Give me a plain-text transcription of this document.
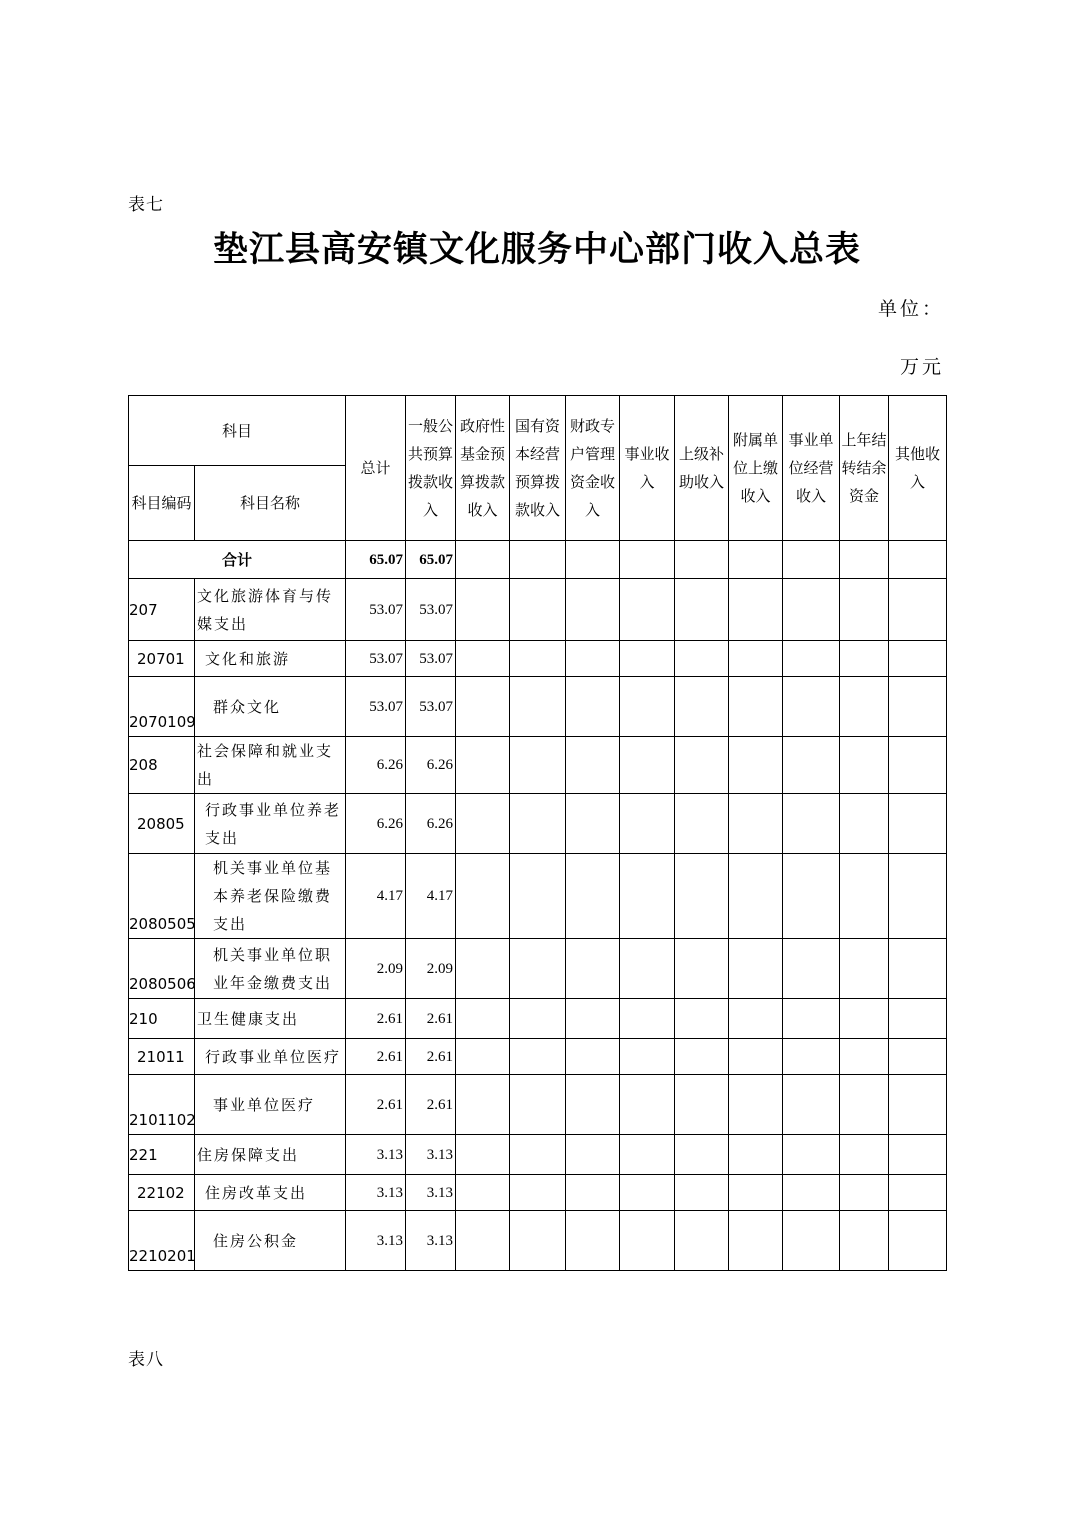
表七
垫江县高安镇文化服务中心部门收入总表
单位：
万元
科目		总计	一般公共预算拨款收入	政府性基金预算拨款收入	国有资本经营预算拨款收入	财政专户管理资金收入	事业收入	上级补助收入	附属单位上缴收入	事业单位经营收入	上年结转结余资金	其他收入
科目编码	科目名称											
合计		65.07	65.07									
207	文化旅游体育与传媒支出	53.07	53.07									
20701	文化和旅游	53.07	53.07									
2070109	群众文化	53.07	53.07									
208	社会保障和就业支出	6.26	6.26									
20805	行政事业单位养老支出	6.26	6.26									
2080505	机关事业单位基本养老保险缴费支出	4.17	4.17									
2080506	机关事业单位职业年金缴费支出	2.09	2.09									
210	卫生健康支出	2.61	2.61									
21011	行政事业单位医疗	2.61	2.61									
2101102	事业单位医疗	2.61	2.61									
221	住房保障支出	3.13	3.13									
22102	住房改革支出	3.13	3.13									
2210201	住房公积金	3.13	3.13									
表八
